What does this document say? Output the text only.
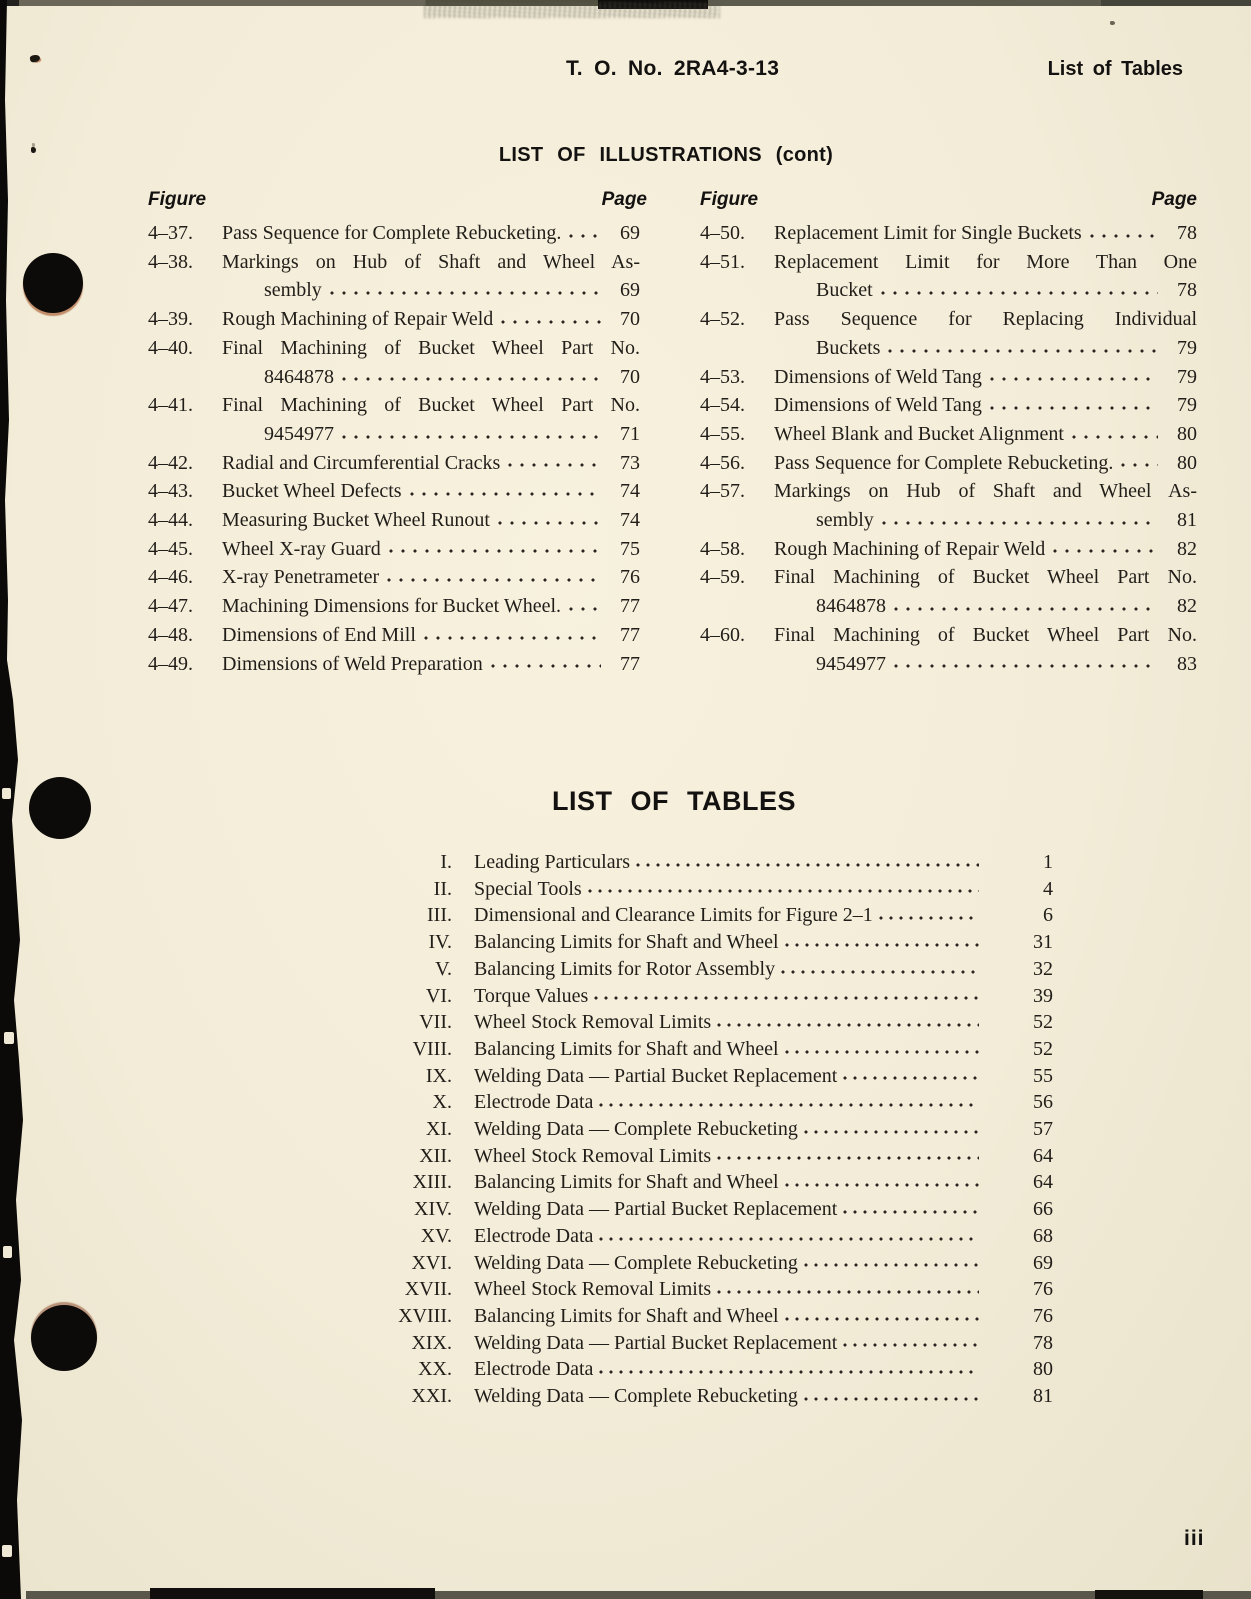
T. O. No. 2RA4-3-13	List of Tables
LIST OF ILLUSTRATIONS (cont)
Figure	Page	Figure	Page
4–37.	Pass Sequence for Complete Rebucketing.	69
4–38.	Markings on Hub of Shaft and Wheel As-
sembly	69
4–39.	Rough Machining of Repair Weld	70
4–40.	Final Machining of Bucket Wheel Part No.
8464878	70
4–41.	Final Machining of Bucket Wheel Part No.
9454977	71
4–42.	Radial and Circumferential Cracks	73
4–43.	Bucket Wheel Defects	74
4–44.	Measuring Bucket Wheel Runout	74
4–45.	Wheel X-ray Guard	75
4–46.	X-ray Penetrameter	76
4–47.	Machining Dimensions for Bucket Wheel.	77
4–48.	Dimensions of End Mill	77
4–49.	Dimensions of Weld Preparation	77
4–50.	Replacement Limit for Single Buckets	78
4–51.	Replacement Limit for More Than One
Bucket	78
4–52.	Pass Sequence for Replacing Individual
Buckets	79
4–53.	Dimensions of Weld Tang	79
4–54.	Dimensions of Weld Tang	79
4–55.	Wheel Blank and Bucket Alignment	80
4–56.	Pass Sequence for Complete Rebucketing.	80
4–57.	Markings on Hub of Shaft and Wheel As-
sembly	81
4–58.	Rough Machining of Repair Weld	82
4–59.	Final Machining of Bucket Wheel Part No.
8464878	82
4–60.	Final Machining of Bucket Wheel Part No.
9454977	83
LIST OF TABLES
I. Leading Particulars	1
II. Special Tools	4
III. Dimensional and Clearance Limits for Figure 2–1	6
IV. Balancing Limits for Shaft and Wheel	31
V. Balancing Limits for Rotor Assembly	32
VI. Torque Values	39
VII. Wheel Stock Removal Limits	52
VIII. Balancing Limits for Shaft and Wheel	52
IX. Welding Data — Partial Bucket Replacement	55
X. Electrode Data	56
XI. Welding Data — Complete Rebucketing	57
XII. Wheel Stock Removal Limits	64
XIII. Balancing Limits for Shaft and Wheel	64
XIV. Welding Data — Partial Bucket Replacement	66
XV. Electrode Data	68
XVI. Welding Data — Complete Rebucketing	69
XVII. Wheel Stock Removal Limits	76
XVIII. Balancing Limits for Shaft and Wheel	76
XIX. Welding Data — Partial Bucket Replacement	78
XX. Electrode Data	80
XXI. Welding Data — Complete Rebucketing	81
iii
